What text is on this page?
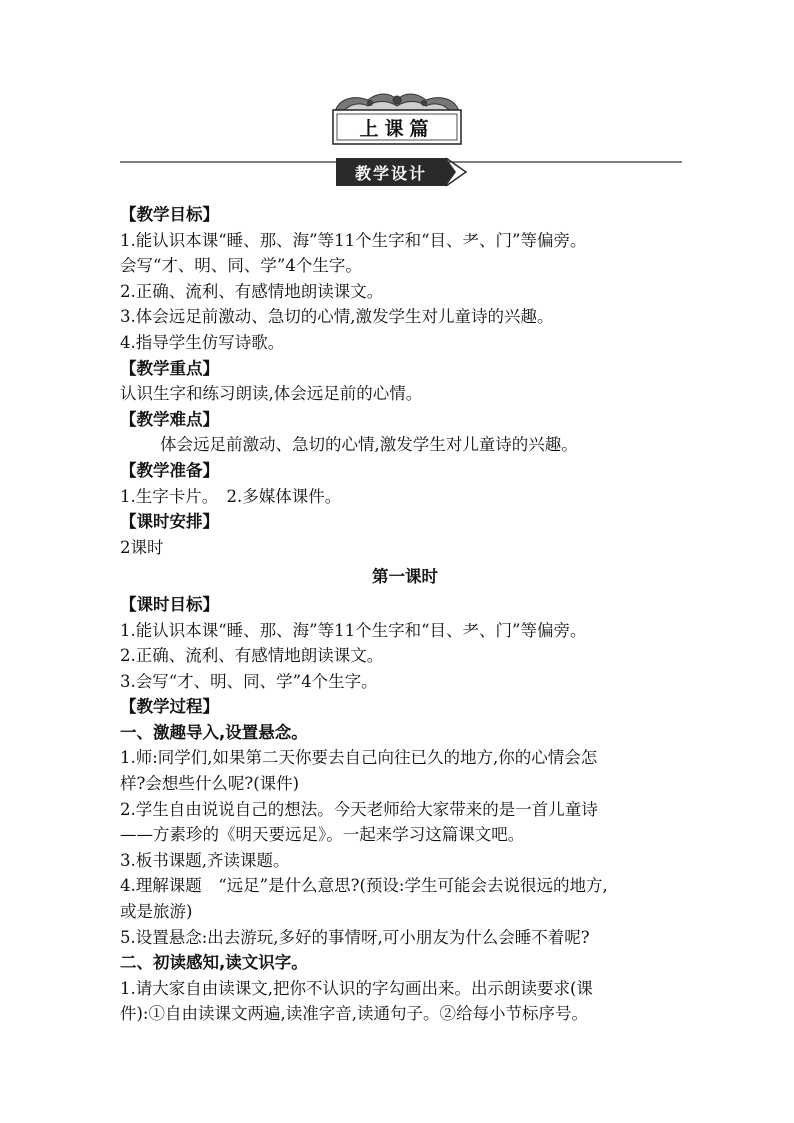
上课篇
教学设计

【教学目标】

1.能认识本课“睡、那、海”等11个生字和“目、耂、门”等偏旁。

会写“才、明、同、学”4个生字。

2.正确、流利、有感情地朗读课文。

3.体会远足前激动、急切的心情,激发学生对儿童诗的兴趣。

4.指导学生仿写诗歌。

【教学重点】

认识生字和练习朗读,体会远足前的心情。

【教学难点】

体会远足前激动、急切的心情,激发学生对儿童诗的兴趣。

【教学准备】

1.生字卡片。　2.多媒体课件。

【课时安排】

2课时

第一课时

【课时目标】

1.能认识本课“睡、那、海”等11个生字和“目、耂、门”等偏旁。

2.正确、流利、有感情地朗读课文。

3.会写“才、明、同、学”4个生字。

【教学过程】

一、激趣导入,设置悬念。

1.师:同学们,如果第二天你要去自己向往已久的地方,你的心情会怎

样?会想些什么呢?(课件)

2.学生自由说说自己的想法。今天老师给大家带来的是一首儿童诗

——方素珍的《明天要远足》。一起来学习这篇课文吧。

3.板书课题,齐读课题。

4.理解课题　“远足”是什么意思?(预设:学生可能会去说很远的地方,

或是旅游)

5.设置悬念:出去游玩,多好的事情呀,可小朋友为什么会睡不着呢?

二、初读感知,读文识字。

1.请大家自由读课文,把你不认识的字勾画出来。出示朗读要求(课

件):①自由读课文两遍,读准字音,读通句子。②给每小节标序号。
